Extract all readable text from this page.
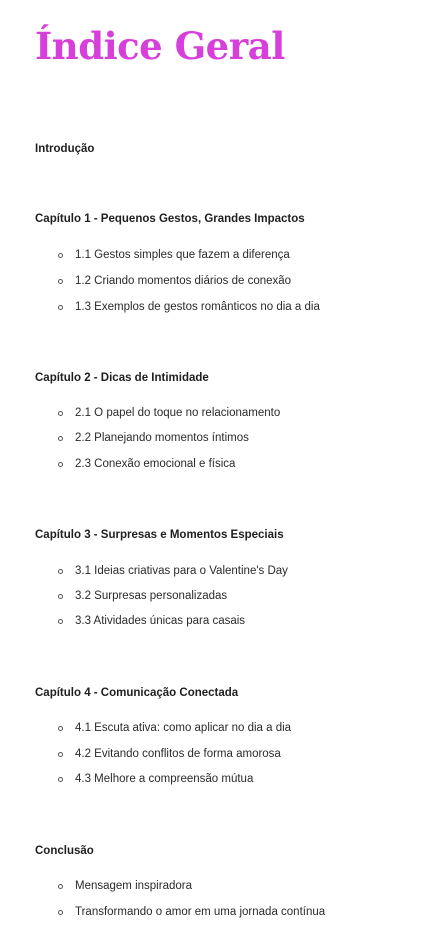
Índice Geral
Introdução
Capítulo 1 - Pequenos Gestos, Grandes Impactos
1.1 Gestos simples que fazem a diferença
1.2 Criando momentos diários de conexão
1.3 Exemplos de gestos românticos no dia a dia
Capítulo 2 - Dicas de Intimidade
2.1 O papel do toque no relacionamento
2.2 Planejando momentos íntimos
2.3 Conexão emocional e física
Capítulo 3 - Surpresas e Momentos Especiais
3.1 Ideias criativas para o Valentine's Day
3.2 Surpresas personalizadas
3.3 Atividades únicas para casais
Capítulo 4 - Comunicação Conectada
4.1 Escuta ativa: como aplicar no dia a dia
4.2 Evitando conflitos de forma amorosa
4.3 Melhore a compreensão mútua
Conclusão
Mensagem inspiradora
Transformando o amor em uma jornada contínua
